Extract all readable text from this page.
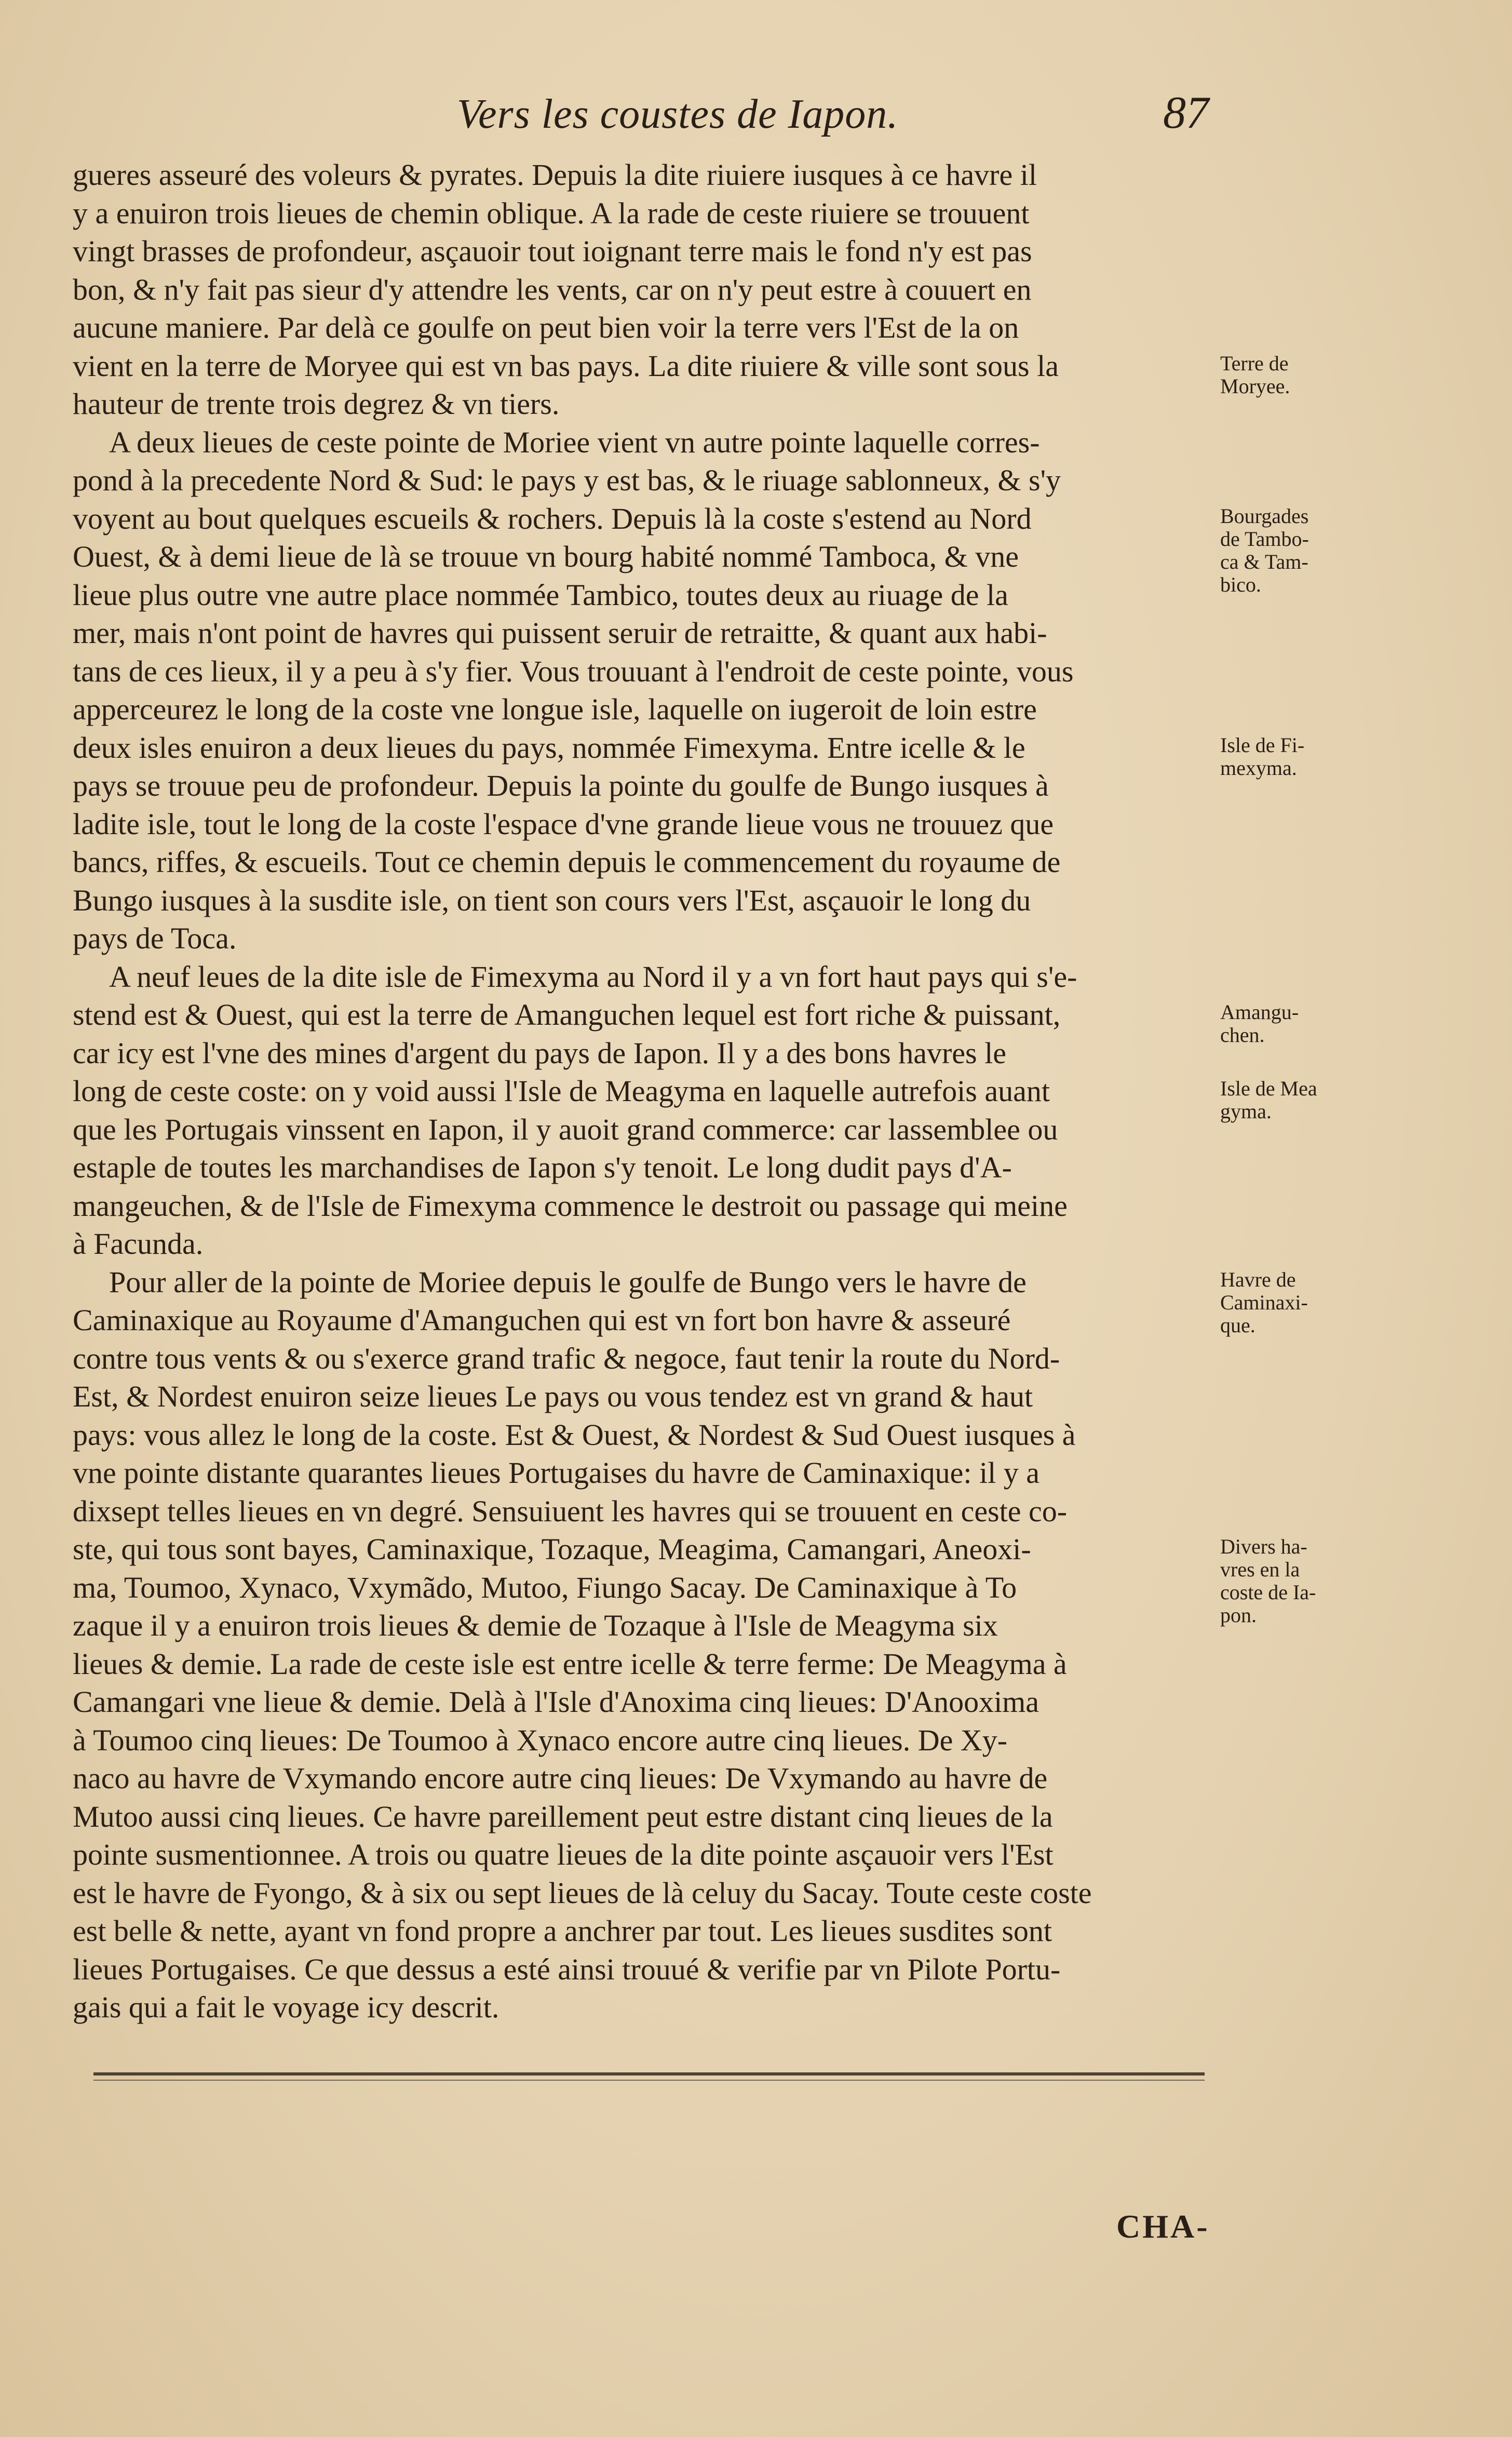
Vers les coustes de Iapon.	87
gueres asseuré des voleurs & pyrates. Depuis la dite riuiere iusques à ce havre il
y a enuiron trois lieues de chemin oblique. A la rade de ceste riuiere se trouuent
vingt brasses de profondeur, asçauoir tout ioignant terre mais le fond n'y est pas
bon, & n'y fait pas sieur d'y attendre les vents, car on n'y peut estre à couuert en
aucune maniere. Par delà ce goulfe on peut bien voir la terre vers l'Est de la on
vient en la terre de Moryee qui est vn bas pays. La dite riuiere & ville sont sous la
hauteur de trente trois degrez & vn tiers.
A deux lieues de ceste pointe de Moriee vient vn autre pointe laquelle corres-
pond à la precedente Nord & Sud: le pays y est bas, & le riuage sablonneux, & s'y
voyent au bout quelques escueils & rochers. Depuis là la coste s'estend au Nord
Ouest, & à demi lieue de là se trouue vn bourg habité nommé Tamboca, & vne
lieue plus outre vne autre place nommée Tambico, toutes deux au riuage de la
mer, mais n'ont point de havres qui puissent seruir de retraitte, & quant aux habi-
tans de ces lieux, il y a peu à s'y fier. Vous trouuant à l'endroit de ceste pointe, vous
apperceurez le long de la coste vne longue isle, laquelle on iugeroit de loin estre
deux isles enuiron a deux lieues du pays, nommée Fimexyma. Entre icelle & le
pays se trouue peu de profondeur. Depuis la pointe du goulfe de Bungo iusques à
ladite isle, tout le long de la coste l'espace d'vne grande lieue vous ne trouuez que
bancs, riffes, & escueils. Tout ce chemin depuis le commencement du royaume de
Bungo iusques à la susdite isle, on tient son cours vers l'Est, asçauoir le long du
pays de Toca.
A neuf leues de la dite isle de Fimexyma au Nord il y a vn fort haut pays qui s'e-
stend est & Ouest, qui est la terre de Amanguchen lequel est fort riche & puissant,
car icy est l'vne des mines d'argent du pays de Iapon. Il y a des bons havres le
long de ceste coste: on y void aussi l'Isle de Meagyma en laquelle autrefois auant
que les Portugais vinssent en Iapon, il y auoit grand commerce: car lassemblee ou
estaple de toutes les marchandises de Iapon s'y tenoit. Le long dudit pays d'A-
mangeuchen, & de l'Isle de Fimexyma commence le destroit ou passage qui meine
à Facunda.
Pour aller de la pointe de Moriee depuis le goulfe de Bungo vers le havre de
Caminaxique au Royaume d'Amanguchen qui est vn fort bon havre & asseuré
contre tous vents & ou s'exerce grand trafic & negoce, faut tenir la route du Nord-
Est, & Nordest enuiron seize lieues Le pays ou vous tendez est vn grand & haut
pays: vous allez le long de la coste. Est & Ouest, & Nordest & Sud Ouest iusques à
vne pointe distante quarantes lieues Portugaises du havre de Caminaxique: il y a
dixsept telles lieues en vn degré. Sensuiuent les havres qui se trouuent en ceste co-
ste, qui tous sont bayes, Caminaxique, Tozaque, Meagima, Camangari, Aneoxi-
ma, Toumoo, Xynaco, Vxymãdo, Mutoo, Fiungo Sacay. De Caminaxique à To
zaque il y a enuiron trois lieues & demie de Tozaque à l'Isle de Meagyma six
lieues & demie. La rade de ceste isle est entre icelle & terre ferme: De Meagyma à
Camangari vne lieue & demie. Delà à l'Isle d'Anoxima cinq lieues: D'Anooxima
à Toumoo cinq lieues: De Toumoo à Xynaco encore autre cinq lieues. De Xy-
naco au havre de Vxymando encore autre cinq lieues: De Vxymando au havre de
Mutoo aussi cinq lieues. Ce havre pareillement peut estre distant cinq lieues de la
pointe susmentionnee. A trois ou quatre lieues de la dite pointe asçauoir vers l'Est
est le havre de Fyongo, & à six ou sept lieues de là celuy du Sacay. Toute ceste coste
est belle & nette, ayant vn fond propre a anchrer par tout. Les lieues susdites sont
lieues Portugaises. Ce que dessus a esté ainsi trouué & verifie par vn Pilote Portu-
gais qui a fait le voyage icy descrit.
Terre de
Moryee.
Bourgades
de Tambo-
ca & Tam-
bico.
Isle de Fi-
mexyma.
Amangu-
chen.
Isle de Mea
gyma.
Havre de
Caminaxi-
que.
Divers ha-
vres en la
coste de Ia-
pon.
CHA-
